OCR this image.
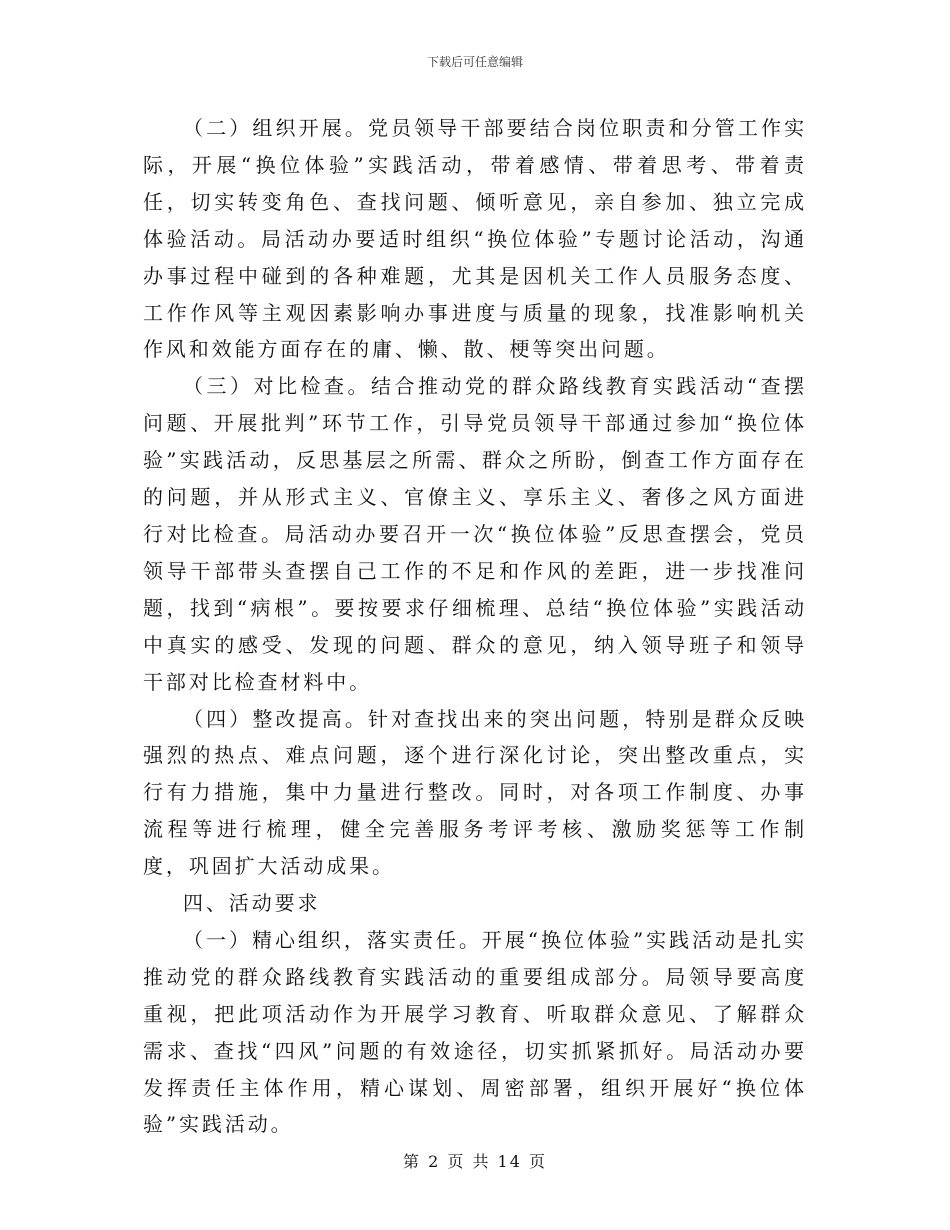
下载后可任意编辑

（二）组织开展。党员领导干部要结合岗位职责和分管工作实际，开展“换位体验”实践活动，带着感情、带着思考、带着责任，切实转变角色、查找问题、倾听意见，亲自参加、独立完成体验活动。局活动办要适时组织“换位体验”专题讨论活动，沟通办事过程中碰到的各种难题，尤其是因机关工作人员服务态度、工作作风等主观因素影响办事进度与质量的现象，找准影响机关作风和效能方面存在的庸、懒、散、梗等突出问题。

（三）对比检查。结合推动党的群众路线教育实践活动“查摆问题、开展批判”环节工作，引导党员领导干部通过参加“换位体验”实践活动，反思基层之所需、群众之所盼，倒查工作方面存在的问题，并从形式主义、官僚主义、享乐主义、奢侈之风方面进行对比检查。局活动办要召开一次“换位体验”反思查摆会，党员领导干部带头查摆自己工作的不足和作风的差距，进一步找准问题，找到“病根”。要按要求仔细梳理、总结“换位体验”实践活动中真实的感受、发现的问题、群众的意见，纳入领导班子和领导干部对比检查材料中。

（四）整改提高。针对查找出来的突出问题，特别是群众反映强烈的热点、难点问题，逐个进行深化讨论，突出整改重点，实行有力措施，集中力量进行整改。同时，对各项工作制度、办事流程等进行梳理，健全完善服务考评考核、激励奖惩等工作制度，巩固扩大活动成果。

四、活动要求

（一）精心组织，落实责任。开展“换位体验”实践活动是扎实推动党的群众路线教育实践活动的重要组成部分。局领导要高度重视，把此项活动作为开展学习教育、听取群众意见、了解群众需求、查找“四风”问题的有效途径，切实抓紧抓好。局活动办要发挥责任主体作用，精心谋划、周密部署，组织开展好“换位体验”实践活动。

第 2 页 共 14 页
